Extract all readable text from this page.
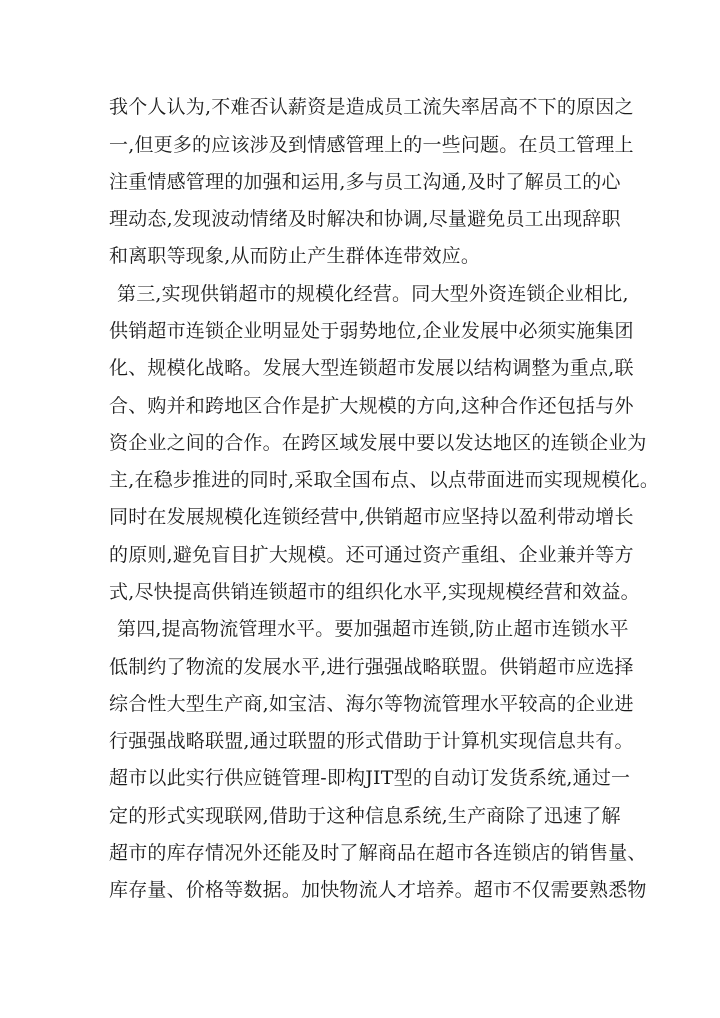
我个人认为,不难否认薪资是造成员工流失率居高不下的原因之
一,但更多的应该涉及到情感管理上的一些问题。在员工管理上
注重情感管理的加强和运用,多与员工沟通,及时了解员工的心
理动态,发现波动情绪及时解决和协调,尽量避免员工出现辞职
和离职等现象,从而防止产生群体连带效应。
第三,实现供销超市的规模化经营。同大型外资连锁企业相比,
供销超市连锁企业明显处于弱势地位,企业发展中必须实施集团
化、规模化战略。发展大型连锁超市发展以结构调整为重点,联
合、购并和跨地区合作是扩大规模的方向,这种合作还包括与外
资企业之间的合作。在跨区域发展中要以发达地区的连锁企业为
主,在稳步推进的同时,采取全国布点、以点带面进而实现规模化。
同时在发展规模化连锁经营中,供销超市应坚持以盈利带动增长
的原则,避免盲目扩大规模。还可通过资产重组、企业兼并等方
式,尽快提高供销连锁超市的组织化水平,实现规模经营和效益。
第四,提高物流管理水平。要加强超市连锁,防止超市连锁水平
低制约了物流的发展水平,进行强强战略联盟。供销超市应选择
综合性大型生产商,如宝洁、海尔等物流管理水平较高的企业进
行强强战略联盟,通过联盟的形式借助于计算机实现信息共有。
超市以此实行供应链管理-即构JIT型的自动订发货系统,通过一
定的形式实现联网,借助于这种信息系统,生产商除了迅速了解
超市的库存情况外还能及时了解商品在超市各连锁店的销售量、
库存量、价格等数据。加快物流人才培养。超市不仅需要熟悉物
